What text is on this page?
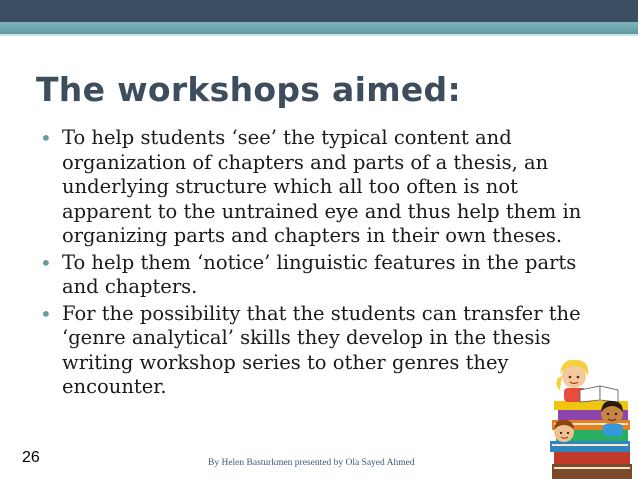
The workshops aimed:
• To help students ‘see’ the typical content and organization of chapters and parts of a thesis, an underlying structure which all too often is not apparent to the untrained eye and thus help them in organizing parts and chapters in their own theses.
• To help them ‘notice’ linguistic features in the parts and chapters.
• For the possibility that the students can transfer the ‘genre analytical’ skills they develop in the thesis writing workshop series to other genres they encounter.
26	By Helen Basturkmen presented by Ola Sayed Ahmed
